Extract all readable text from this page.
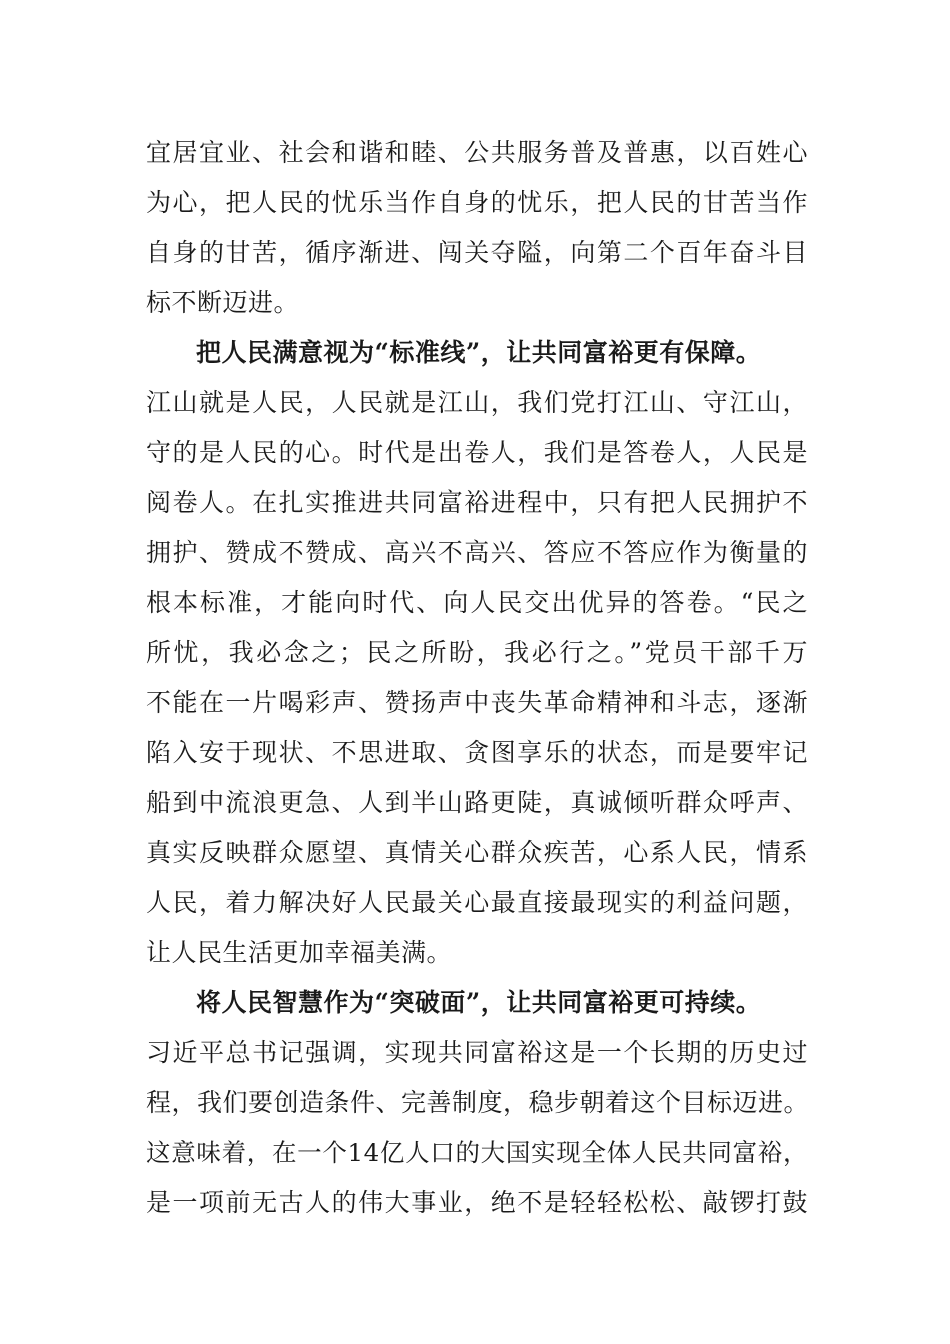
宜居宜业、社会和谐和睦、公共服务普及普惠，以百姓心
为心，把人民的忧乐当作自身的忧乐，把人民的甘苦当作
自身的甘苦，循序渐进、闯关夺隘，向第二个百年奋斗目
标不断迈进。
把人民满意视为“标准线”，让共同富裕更有保障。
江山就是人民，人民就是江山，我们党打江山、守江山，
守的是人民的心。时代是出卷人，我们是答卷人，人民是
阅卷人。在扎实推进共同富裕进程中，只有把人民拥护不
拥护、赞成不赞成、高兴不高兴、答应不答应作为衡量的
根本标准，才能向时代、向人民交出优异的答卷。“民之
所忧，我必念之；民之所盼，我必行之。”党员干部千万
不能在一片喝彩声、赞扬声中丧失革命精神和斗志，逐渐
陷入安于现状、不思进取、贪图享乐的状态，而是要牢记
船到中流浪更急、人到半山路更陡，真诚倾听群众呼声、
真实反映群众愿望、真情关心群众疾苦，心系人民，情系
人民，着力解决好人民最关心最直接最现实的利益问题，
让人民生活更加幸福美满。
将人民智慧作为“突破面”，让共同富裕更可持续。
习近平总书记强调，实现共同富裕这是一个长期的历史过
程，我们要创造条件、完善制度，稳步朝着这个目标迈进。
这意味着，在一个14亿人口的大国实现全体人民共同富裕，
是一项前无古人的伟大事业，绝不是轻轻松松、敲锣打鼓
